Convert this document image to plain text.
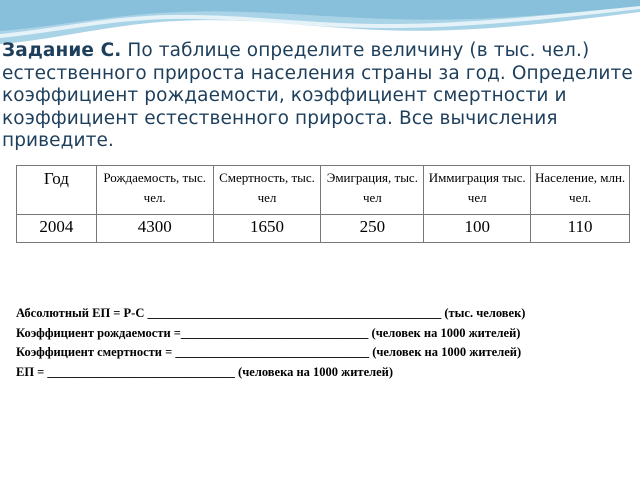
Задание С. По таблице определите величину (в тыс. чел.) естественного прироста населения страны за год. Определите коэффициент рождаемости, коэффициент смертности и коэффициент естественного прироста. Все вычисления приведите.

Год	Рождаемость, тыс. чел.	Смертность, тыс. чел	Эмиграция, тыс. чел	Иммиграция тыс. чел	Население, млн. чел.
2004	4300	1650	250	100	110
Абсолютный ЕП = Р-С _______________________________________________ (тыс. человек)
Коэффициент рождаемости =______________________________ (человек на 1000 жителей)
Коэффициент смертности = _______________________________ (человек на 1000 жителей)
ЕП = ______________________________ (человека на 1000 жителей)
